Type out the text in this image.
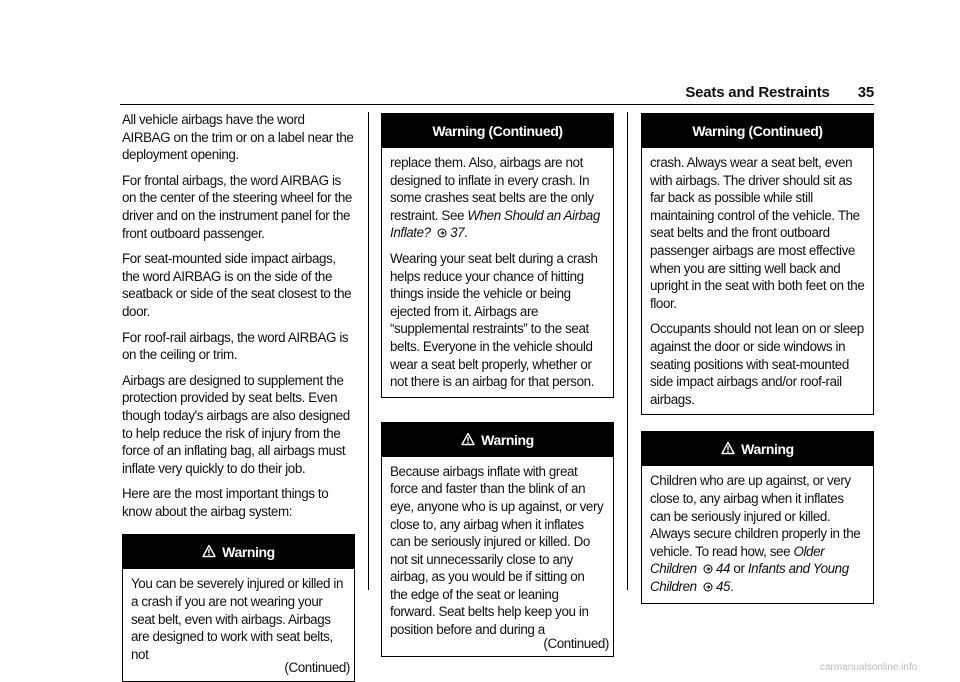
Seats and Restraints 35

All vehicle airbags have the word AIRBAG on the trim or on a label near the deployment opening.

For frontal airbags, the word AIRBAG is on the center of the steering wheel for the driver and on the instrument panel for the front outboard passenger.

For seat-mounted side impact airbags, the word AIRBAG is on the side of the seatback or side of the seat closest to the door.

For roof-rail airbags, the word AIRBAG is on the ceiling or trim.

Airbags are designed to supplement the protection provided by seat belts. Even though today's airbags are also designed to help reduce the risk of injury from the force of an inflating bag, all airbags must inflate very quickly to do their job.

Here are the most important things to know about the airbag system:

Warning

You can be severely injured or killed in a crash if you are not wearing your seat belt, even with airbags. Airbags are designed to work with seat belts, not

(Continued)
Warning (Continued)

replace them. Also, airbags are not designed to inflate in every crash. In some crashes seat belts are the only restraint. See When Should an Airbag Inflate? 37.

Wearing your seat belt during a crash helps reduce your chance of hitting things inside the vehicle or being ejected from it. Airbags are “supplemental restraints” to the seat belts. Everyone in the vehicle should wear a seat belt properly, whether or not there is an airbag for that person.

Warning

Because airbags inflate with great force and faster than the blink of an eye, anyone who is up against, or very close to, any airbag when it inflates can be seriously injured or killed. Do not sit unnecessarily close to any airbag, as you would be if sitting on the edge of the seat or leaning forward. Seat belts help keep you in position before and during a

(Continued)
Warning (Continued)

crash. Always wear a seat belt, even with airbags. The driver should sit as far back as possible while still maintaining control of the vehicle. The seat belts and the front outboard passenger airbags are most effective when you are sitting well back and upright in the seat with both feet on the floor.

Occupants should not lean on or sleep against the door or side windows in seating positions with seat-mounted side impact airbags and/or roof-rail airbags.

Warning

Children who are up against, or very close to, any airbag when it inflates can be seriously injured or killed. Always secure children properly in the vehicle. To read how, see Older Children 44 or Infants and Young Children 45.

carmanualsonline.info
